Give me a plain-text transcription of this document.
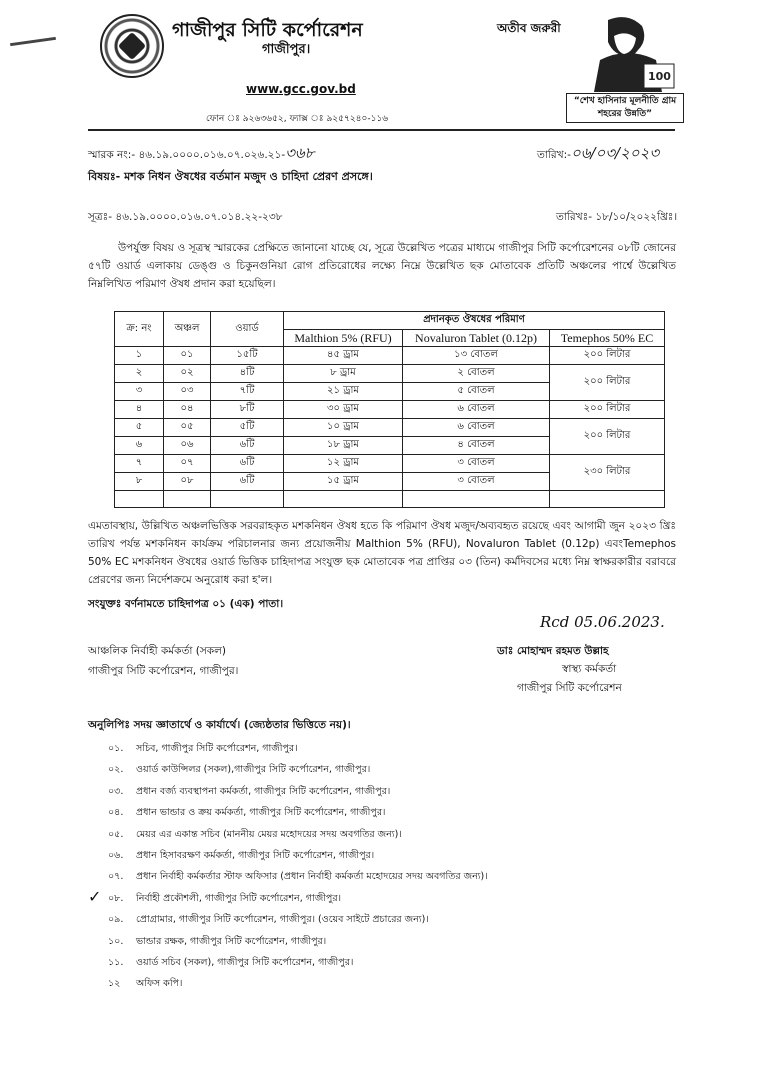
গাজীপুর সিটি কর্পোরেশন
গাজীপুর।
www.gcc.gov.bd
অতীব জরুরী
100
“শেখ হাসিনার মূলনীতি গ্রাম শহরের উন্নতি”
ফোন ঃ ৯২৬৩৬৫২, ফ্যাক্স ঃ ৯২৫৭২৪০-১১৬
স্মারক নং:- ৪৬.১৯.০০০০.০১৬.০৭.০২৬.২১-৩৬৮	তারিখ:-০৬/০৩/২০২৩
বিষয়ঃ- মশক নিধন ঔষধের বর্তমান মজুদ ও চাহিদা প্রেরণ প্রসঙ্গে।
সূত্রঃ- ৪৬.১৯.০০০০.০১৬.০৭.০১৪.২২-২৩৮	তারিখঃ- ১৮/১০/২০২২খ্রিঃ।

উপর্যুক্ত বিষয় ও সূত্রস্থ স্মারকের প্রেক্ষিতে জানানো যাচ্ছে যে, সূত্রে উল্লেখিত পত্রের মাধ্যমে গাজীপুর সিটি কর্পোরেশনের ০৮টি জোনের ৫৭টি ওয়ার্ড এলাকায় ডেঙ্গু ও চিকুনগুনিয়া রোগ প্রতিরোধের লক্ষ্যে নিম্নে উল্লেখিত ছক মোতাবেক প্রতিটি অঞ্চলের পার্শ্বে উল্লেখিত নিম্নলিখিত পরিমাণ ঔষধ প্রদান করা হয়েছিল।

ক্র: নং	অঞ্চল	ওয়ার্ড	প্রদানকৃত ঔষধের পরিমাণ		
			Malthion 5% (RFU)	Novaluron Tablet (0.12p)	Temephos 50% EC
১	০১	১৫টি	৪৫ ড্রাম	১৩ বোতল	২০০ লিটার
২	০২	৪টি	৮ ড্রাম	২ বোতল	২০০ লিটার
৩	০৩	৭টি	২১ ড্রাম	৫ বোতল	
৪	০৪	৮টি	৩০ ড্রাম	৬ বোতল	২০০ লিটার
৫	০৫	৫টি	১০ ড্রাম	৬ বোতল	২০০ লিটার
৬	০৬	৬টি	১৮ ড্রাম	৪ বোতল	
৭	০৭	৬টি	১২ ড্রাম	৩ বোতল	২৩০ লিটার
৮	০৮	৬টি	১৫ ড্রাম	৩ বোতল	

এমতাবস্থায়, উল্লিখিত অঞ্চলভিত্তিক সরবরাহকৃত মশকনিধন ঔষধ হতে কি পরিমাণ ঔষধ মজুদ/অব্যবহৃত রয়েছে এবং আগামী জুন ২০২৩ খ্রিঃ তারিখ পর্যন্ত মশকনিধন কার্যক্রম পরিচালনার জন্য প্রয়োজনীয় Malthion 5% (RFU), Novaluron Tablet (0.12p) এবংTemephos 50% EC মশকনিধন ঔষধের ওয়ার্ড ভিত্তিক চাহিদাপত্র সংযুক্ত ছক মোতাবেক পত্র প্রাপ্তির ০৩ (তিন) কর্মদিবসের মধ্যে নিম্ন স্বাক্ষরকারীর বরাবরে প্রেরণের জন্য নির্দেশক্রমে অনুরোধ করা হ'ল।

সংযুক্তঃ বর্ণনামতে চাহিদাপত্র ০১ (এক) পাতা।
আঞ্চলিক নির্বাহী কর্মকর্তা (সকল)
গাজীপুর সিটি কর্পোরেশন, গাজীপুর।
Rcd 05.06.2023.
ডাঃ মোহাম্মদ রহমত উল্লাহ
স্বাস্থ্য কর্মকর্তা
গাজীপুর সিটি কর্পোরেশন
অনুলিপিঃ সদয় জ্ঞাতার্থে ও কার্যার্থে। (জ্যেষ্ঠতার ভিত্তিতে নয়)।
০১. সচিব, গাজীপুর সিটি কর্পোরেশন, গাজীপুর।
০২. ওয়ার্ড কাউন্সিলর (সকল),গাজীপুর সিটি কর্পোরেশন, গাজীপুর।
০৩. প্রধান বর্জ্য ব্যবস্থাপনা কর্মকর্তা, গাজীপুর সিটি কর্পোরেশন, গাজীপুর।
০৪. প্রধান ভান্ডার ও ক্রয় কর্মকর্তা, গাজীপুর সিটি কর্পোরেশন, গাজীপুর।
০৫. মেয়র এর একান্ত সচিব (মাননীয় মেয়র মহোদয়ের সদয় অবগতির জন্য)।
০৬. প্রধান হিসাবরক্ষণ কর্মকর্তা, গাজীপুর সিটি কর্পোরেশন, গাজীপুর।
০৭. প্রধান নির্বাহী কর্মকর্তার স্টাফ অফিসার (প্রধান নির্বাহী কর্মকর্তা মহোদয়ের সদয় অবগতির জন্য)।
০৮. নির্বাহী প্রকৌশলী, গাজীপুর সিটি কর্পোরেশন, গাজীপুর।
০৯. প্রোগ্রামার, গাজীপুর সিটি কর্পোরেশন, গাজীপুর। (ওয়েব সাইটে প্রচারের জন্য)।
১০. ভান্ডার রক্ষক, গাজীপুর সিটি কর্পোরেশন, গাজীপুর।
১১. ওয়ার্ড সচিব (সকল), গাজীপুর সিটি কর্পোরেশন, গাজীপুর।
১২ অফিস কপি।
✓
